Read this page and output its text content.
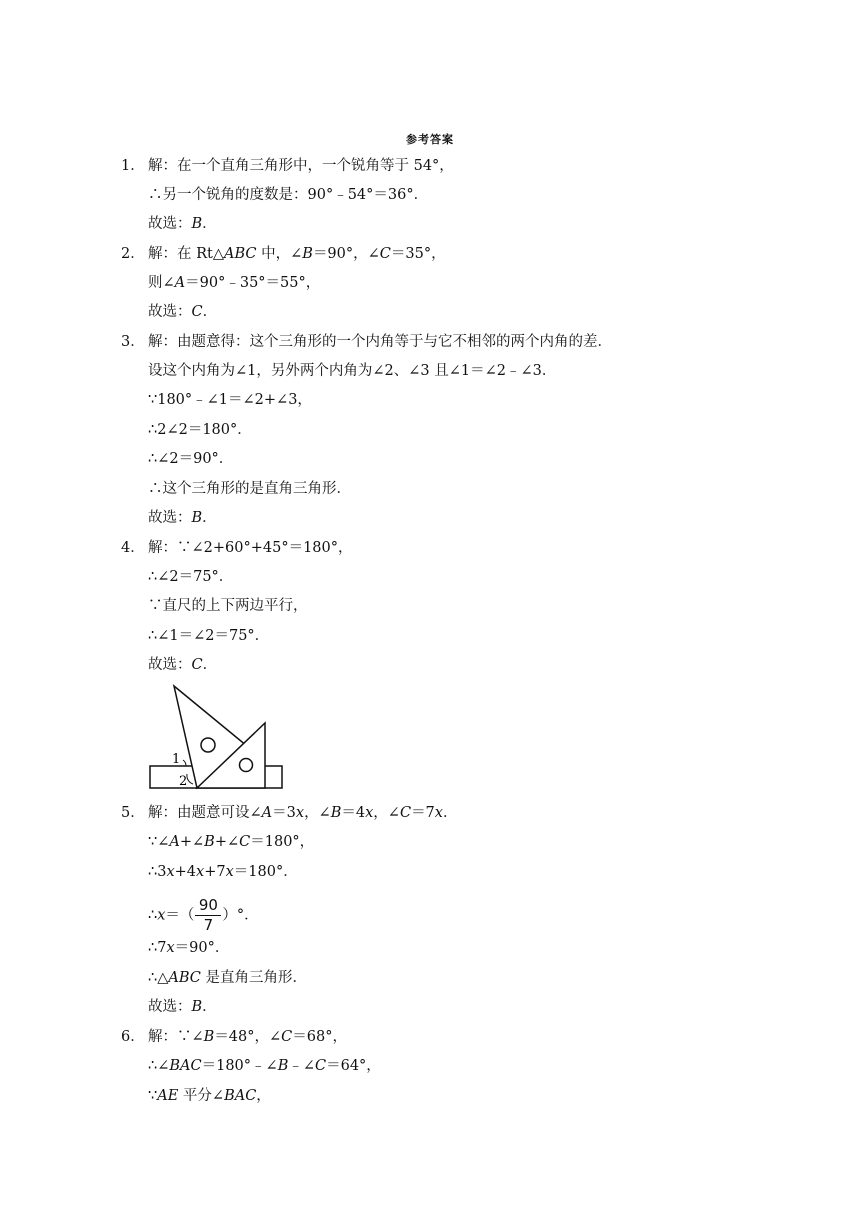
参考答案
1． 解：在一个直角三角形中，一个锐角等于 54°，
∴另一个锐角的度数是：90°﹣54°＝36°．
故选：B．
2． 解：在 Rt△ABC 中，∠B＝90°，∠C＝35°，
则∠A＝90°﹣35°＝55°，
故选：C．
3． 解：由题意得：这个三角形的一个内角等于与它不相邻的两个内角的差．
设这个内角为∠1，另外两个内角为∠2、∠3 且∠1＝∠2﹣∠3．
∵180°﹣∠1＝∠2+∠3，
∴2∠2＝180°．
∴∠2＝90°．
∴这个三角形的是直角三角形．
故选：B．
4． 解：∵∠2+60°+45°＝180°，
∴∠2＝75°．
∵直尺的上下两边平行，
∴∠1＝∠2＝75°．
故选：C．
1
2
5． 解：由题意可设∠A＝3x，∠B＝4x，∠C＝7x．
∵∠A+∠B+∠C＝180°，
∴3x+4x+7x＝180°．
∴x＝（ $\frac{90}{7}$ ）°．
∴7x＝90°．
∴△ABC 是直角三角形．
故选：B．
6． 解：∵∠B＝48°，∠C＝68°，
∴∠BAC＝180°﹣∠B﹣∠C＝64°，
∵AE 平分∠BAC，
